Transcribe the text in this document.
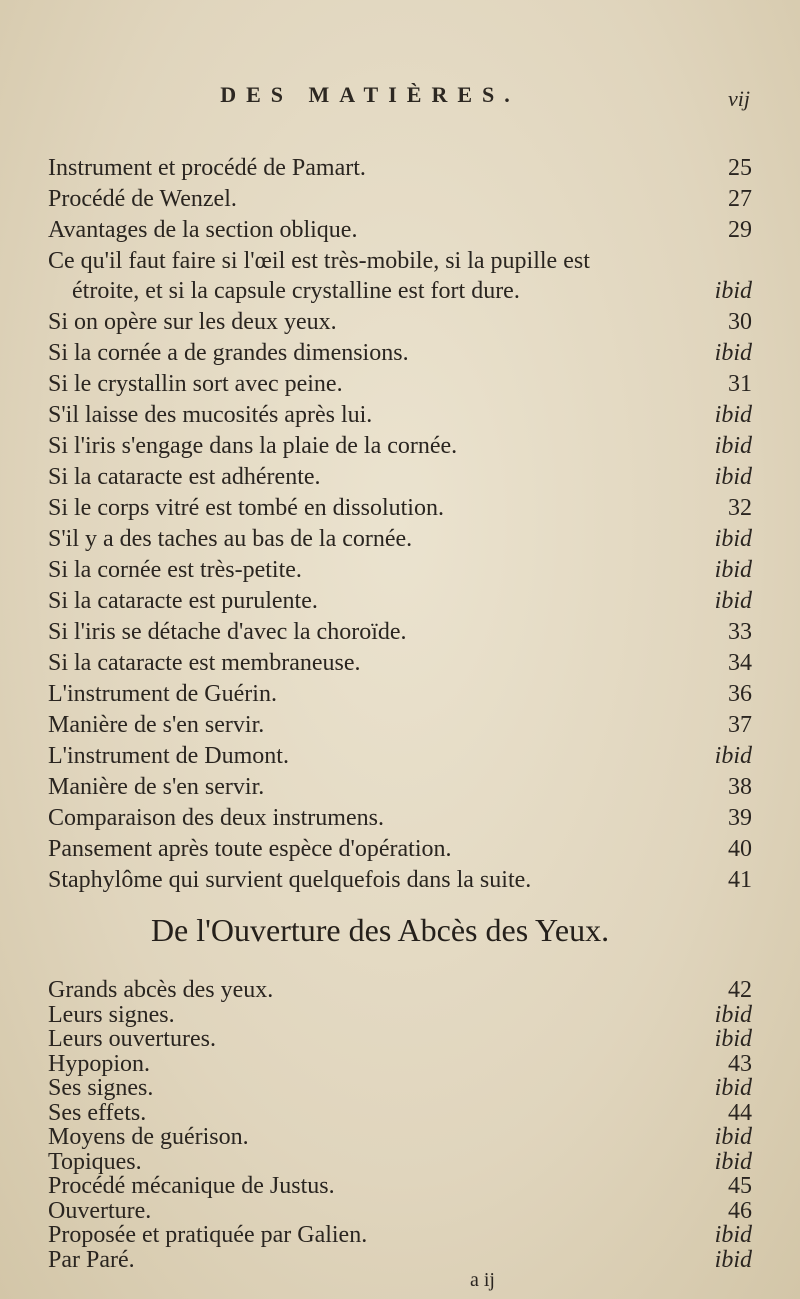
DES MATIÈRES.	vij
Instrument et procédé de Pamart.	25
Procédé de Wenzel.	27
Avantages de la section oblique.	29
Ce qu'il faut faire si l'œil est très-mobile, si la pupille est
étroite, et si la capsule crystalline est fort dure.	ibid
Si on opère sur les deux yeux.	30
Si la cornée a de grandes dimensions.	ibid
Si le crystallin sort avec peine.	31
S'il laisse des mucosités après lui.	ibid
Si l'iris s'engage dans la plaie de la cornée.	ibid
Si la cataracte est adhérente.	ibid
Si le corps vitré est tombé en dissolution.	32
S'il y a des taches au bas de la cornée.	ibid
Si la cornée est très-petite.	ibid
Si la cataracte est purulente.	ibid
Si l'iris se détache d'avec la choroïde.	33
Si la cataracte est membraneuse.	34
L'instrument de Guérin.	36
Manière de s'en servir.	37
L'instrument de Dumont.	ibid
Manière de s'en servir.	38
Comparaison des deux instrumens.	39
Pansement après toute espèce d'opération.	40
Staphylôme qui survient quelquefois dans la suite.	41
De l'Ouverture des Abcès des Yeux.
Grands abcès des yeux.	42
Leurs signes.	ibid
Leurs ouvertures.	ibid
Hypopion.	43
Ses signes.	ibid
Ses effets.	44
Moyens de guérison.	ibid
Topiques.	ibid
Procédé mécanique de Justus.	45
Ouverture.	46
Proposée et pratiquée par Galien.	ibid
Par Paré.	ibid
a ij
